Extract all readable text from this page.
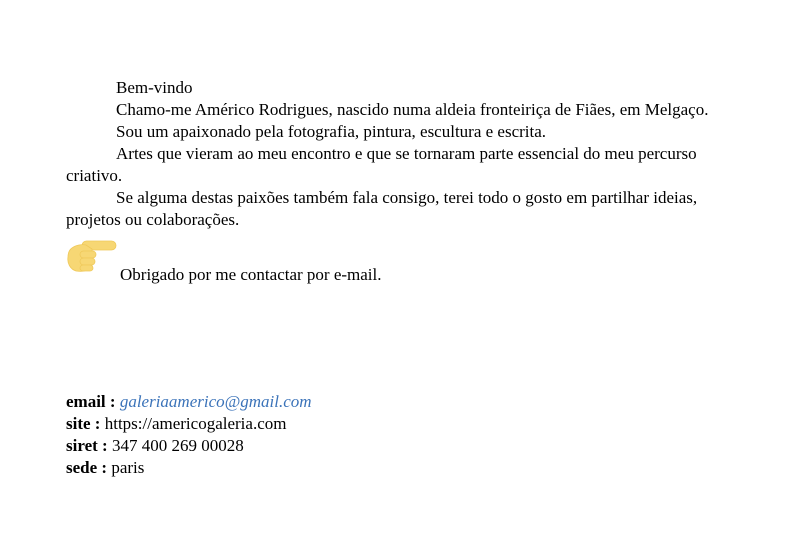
Bem-vindo

Chamo-me Américo Rodrigues, nascido numa aldeia fronteiriça de Fiães, em Melgaço.

Sou um apaixonado pela fotografia, pintura, escultura e escrita.

Artes que vieram ao meu encontro e que se tornaram parte essencial do meu percurso criativo.

Se alguma destas paixões também fala consigo, terei todo o gosto em partilhar ideias, projetos ou colaborações.

Obrigado por me contactar por e-mail.

email : galeriaamerico@gmail.com

site : https://americogaleria.com

siret : 347 400 269 00028

sede : paris
